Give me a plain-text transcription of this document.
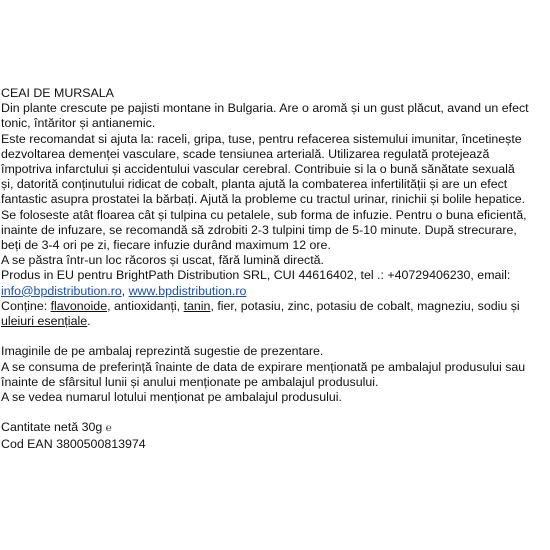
CEAI DE MURSALA

Din plante crescute pe pajisti montane in Bulgaria. Are o aromă și un gust plăcut, avand un efect

tonic, întăritor și antianemic.

Este recomandat si ajuta la: raceli, gripa, tuse, pentru refacerea sistemului imunitar, încetinește

dezvoltarea demenței vasculare, scade tensiunea arterială. Utilizarea regulată protejează

împotriva infarctului și accidentului vascular cerebral. Contribuie si la o bună sănătate sexuală

și, datorită conținutului ridicat de cobalt, planta ajută la combaterea infertilității și are un efect

fantastic asupra prostatei la bărbați. Ajută la probleme cu tractul urinar, rinichii și bolile hepatice.

Se foloseste atât floarea cât și tulpina cu petalele, sub forma de infuzie. Pentru o buna eficientă,

inainte de infuzare, se recomandă să zdrobiti 2-3 tulpini timp de 5-10 minute. După strecurare,

beți de 3-4 ori pe zi, fiecare infuzie durând maximum 12 ore.

A se păstra într-un loc răcoros și uscat, fără lumină directă.

Produs in EU pentru BrightPath Distribution SRL, CUI 44616402, tel .: +40729406230, email:

info@bpdistribution.ro, www.bpdistribution.ro

Conține: flavonoide, antioxidanți, tanin, fier, potasiu, zinc, potasiu de cobalt, magneziu, sodiu și

uleiuri esențiale.

Imaginile de pe ambalaj reprezintă sugestie de prezentare.

A se consuma de preferință înainte de data de expirare menționată pe ambalajul produsului sau

înainte de sfârsitul lunii și anului menționate pe ambalajul produsului.

A se vedea numarul lotului menționat pe ambalajul produsului.

Cantitate netă 30g ℮

Cod EAN 3800500813974
